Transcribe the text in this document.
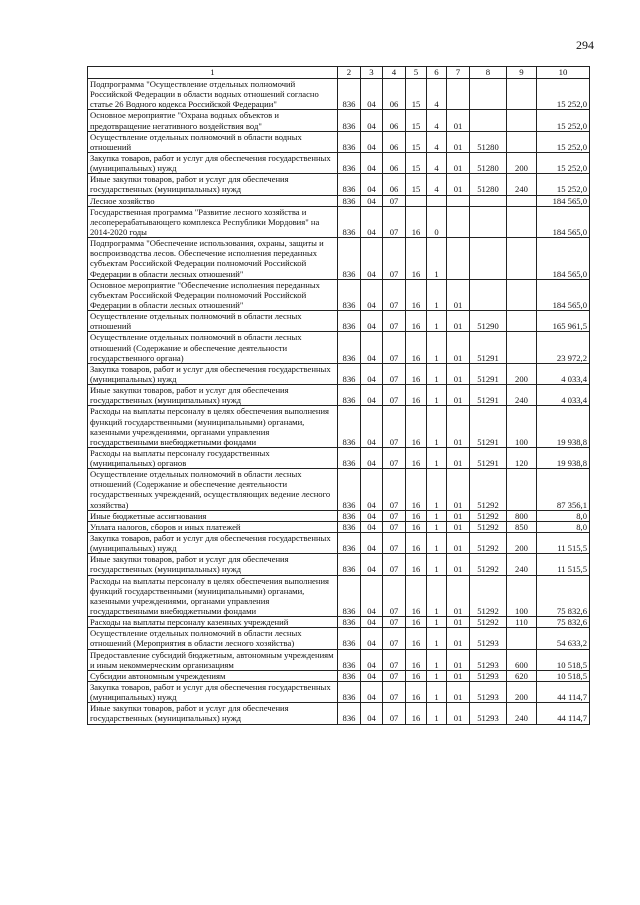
294
1	2	3	4	5	6	7	8	9	10
Подпрограмма "Осуществление отдельных полномочий Российской Федерации в области водных отношений согласно статье 26 Водного кодекса Российской Федерации"	836	04	06	15	4				15 252,0
Основное мероприятие "Охрана водных объектов и предотвращение негативного воздействия вод"	836	04	06	15	4	01			15 252,0
Осуществление отдельных полномочий в области водных отношений	836	04	06	15	4	01	51280		15 252,0
Закупка товаров, работ и услуг для обеспечения государственных (муниципальных) нужд	836	04	06	15	4	01	51280	200	15 252,0
Иные закупки товаров, работ и услуг для обеспечения государственных (муниципальных) нужд	836	04	06	15	4	01	51280	240	15 252,0
Лесное хозяйство	836	04	07						184 565,0
Государственная программа "Развитие лесного хозяйства и лесоперерабатывающего комплекса Республики Мордовия" на 2014-2020 годы	836	04	07	16	0				184 565,0
Подпрограмма "Обеспечение использования, охраны, защиты и воспроизводства лесов. Обеспечение исполнения переданных субъектам Российской Федерации полномочий Российской Федерации в области лесных отношений"	836	04	07	16	1				184 565,0
Основное мероприятие "Обеспечение исполнения переданных субъектам Российской Федерации полномочий Российской Федерации в области лесных отношений"	836	04	07	16	1	01			184 565,0
Осуществление отдельных полномочий в области лесных отношений	836	04	07	16	1	01	51290		165 961,5
Осуществление отдельных полномочий в области лесных отношений (Содержание и обеспечение деятельности государственного органа)	836	04	07	16	1	01	51291		23 972,2
Закупка товаров, работ и услуг для обеспечения государственных (муниципальных) нужд	836	04	07	16	1	01	51291	200	4 033,4
Иные закупки товаров, работ и услуг для обеспечения государственных (муниципальных) нужд	836	04	07	16	1	01	51291	240	4 033,4
Расходы на выплаты персоналу в целях обеспечения выполнения функций государственными (муниципальными) органами, казенными учреждениями, органами управления государственными внебюджетными фондами	836	04	07	16	1	01	51291	100	19 938,8
Расходы на выплаты персоналу государственных (муниципальных) органов	836	04	07	16	1	01	51291	120	19 938,8
Осуществление отдельных полномочий в области лесных отношений (Содержание и обеспечение деятельности государственных учреждений, осуществляющих ведение лесного хозяйства)	836	04	07	16	1	01	51292		87 356,1
Иные бюджетные ассигнования	836	04	07	16	1	01	51292	800	8,0
Уплата налогов, сборов и иных платежей	836	04	07	16	1	01	51292	850	8,0
Закупка товаров, работ и услуг для обеспечения государственных (муниципальных) нужд	836	04	07	16	1	01	51292	200	11 515,5
Иные закупки товаров, работ и услуг для обеспечения государственных (муниципальных) нужд	836	04	07	16	1	01	51292	240	11 515,5
Расходы на выплаты персоналу в целях обеспечения выполнения функций государственными (муниципальными) органами, казенными учреждениями, органами управления государственными внебюджетными фондами	836	04	07	16	1	01	51292	100	75 832,6
Расходы на выплаты персоналу казенных учреждений	836	04	07	16	1	01	51292	110	75 832,6
Осуществление отдельных полномочий в области лесных отношений (Мероприятия в области лесного хозяйства)	836	04	07	16	1	01	51293		54 633,2
Предоставление субсидий бюджетным, автономным учреждениям и иным некоммерческим организациям	836	04	07	16	1	01	51293	600	10 518,5
Субсидии автономным учреждениям	836	04	07	16	1	01	51293	620	10 518,5
Закупка товаров, работ и услуг для обеспечения государственных (муниципальных) нужд	836	04	07	16	1	01	51293	200	44 114,7
Иные закупки товаров, работ и услуг для обеспечения государственных (муниципальных) нужд	836	04	07	16	1	01	51293	240	44 114,7
